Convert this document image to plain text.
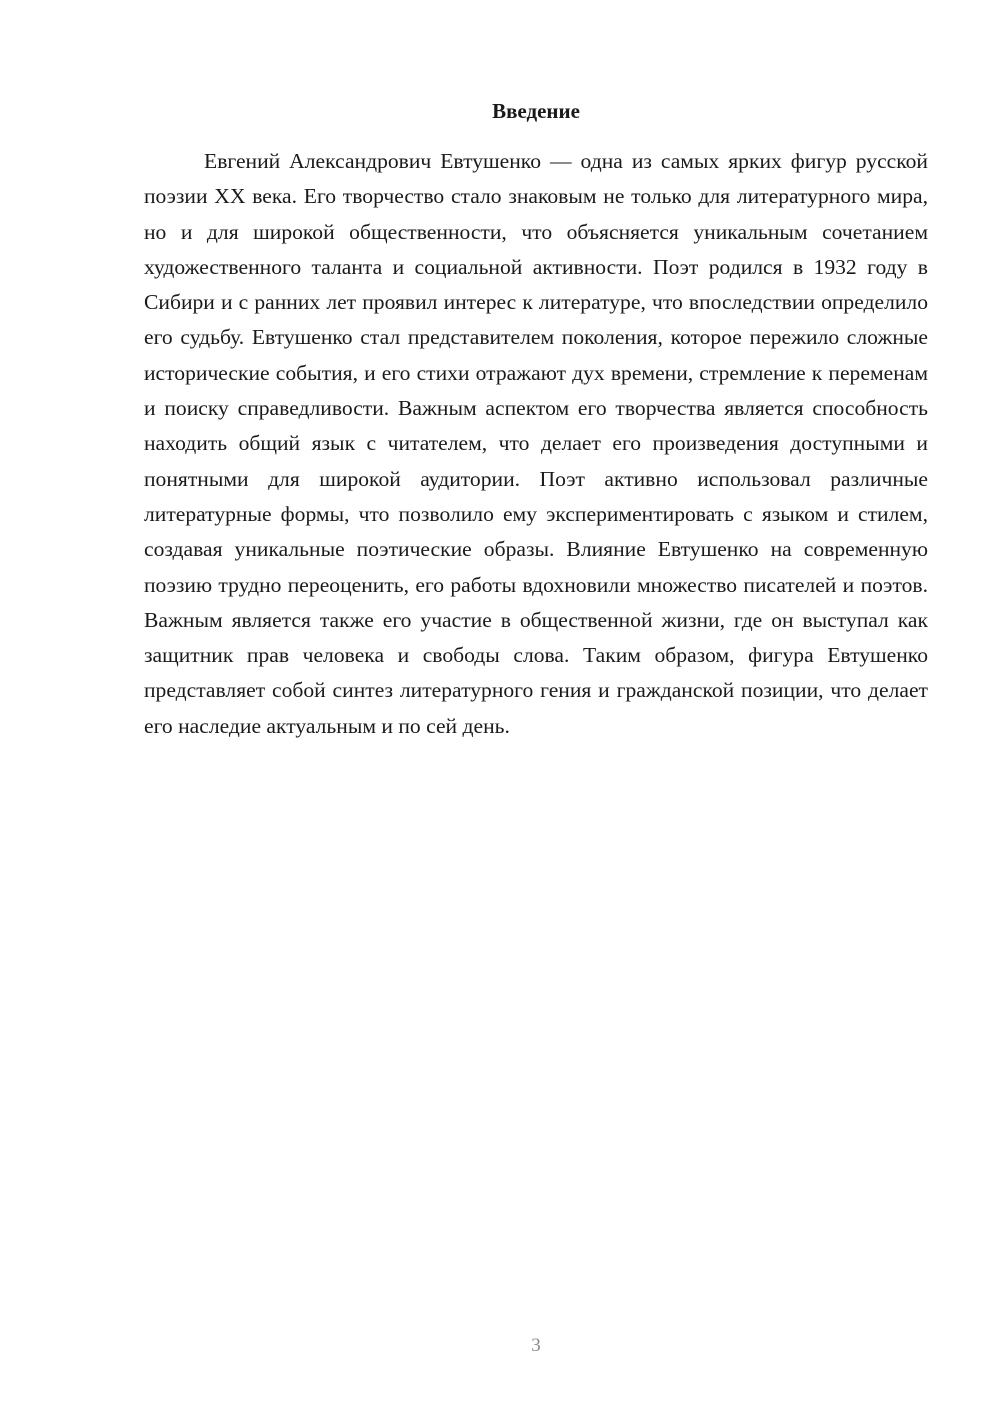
Введение

Евгений Александрович Евтушенко — одна из самых ярких фигур русской поэзии XX века. Его творчество стало знаковым не только для литературного мира, но и для широкой общественности, что объясняется уникальным сочетанием художественного таланта и социальной активности. Поэт родился в 1932 году в Сибири и с ранних лет проявил интерес к литературе, что впоследствии определило его судьбу. Евтушенко стал представителем поколения, которое пережило сложные исторические события, и его стихи отражают дух времени, стремление к переменам и поиску справедливости. Важным аспектом его творчества является способность находить общий язык с читателем, что делает его произведения доступными и понятными для широкой аудитории. Поэт активно использовал различные литературные формы, что позволило ему экспериментировать с языком и стилем, создавая уникальные поэтические образы. Влияние Евтушенко на современную поэзию трудно переоценить, его работы вдохновили множество писателей и поэтов. Важным является также его участие в общественной жизни, где он выступал как защитник прав человека и свободы слова. Таким образом, фигура Евтушенко представляет собой синтез литературного гения и гражданской позиции, что делает его наследие актуальным и по сей день.

3
